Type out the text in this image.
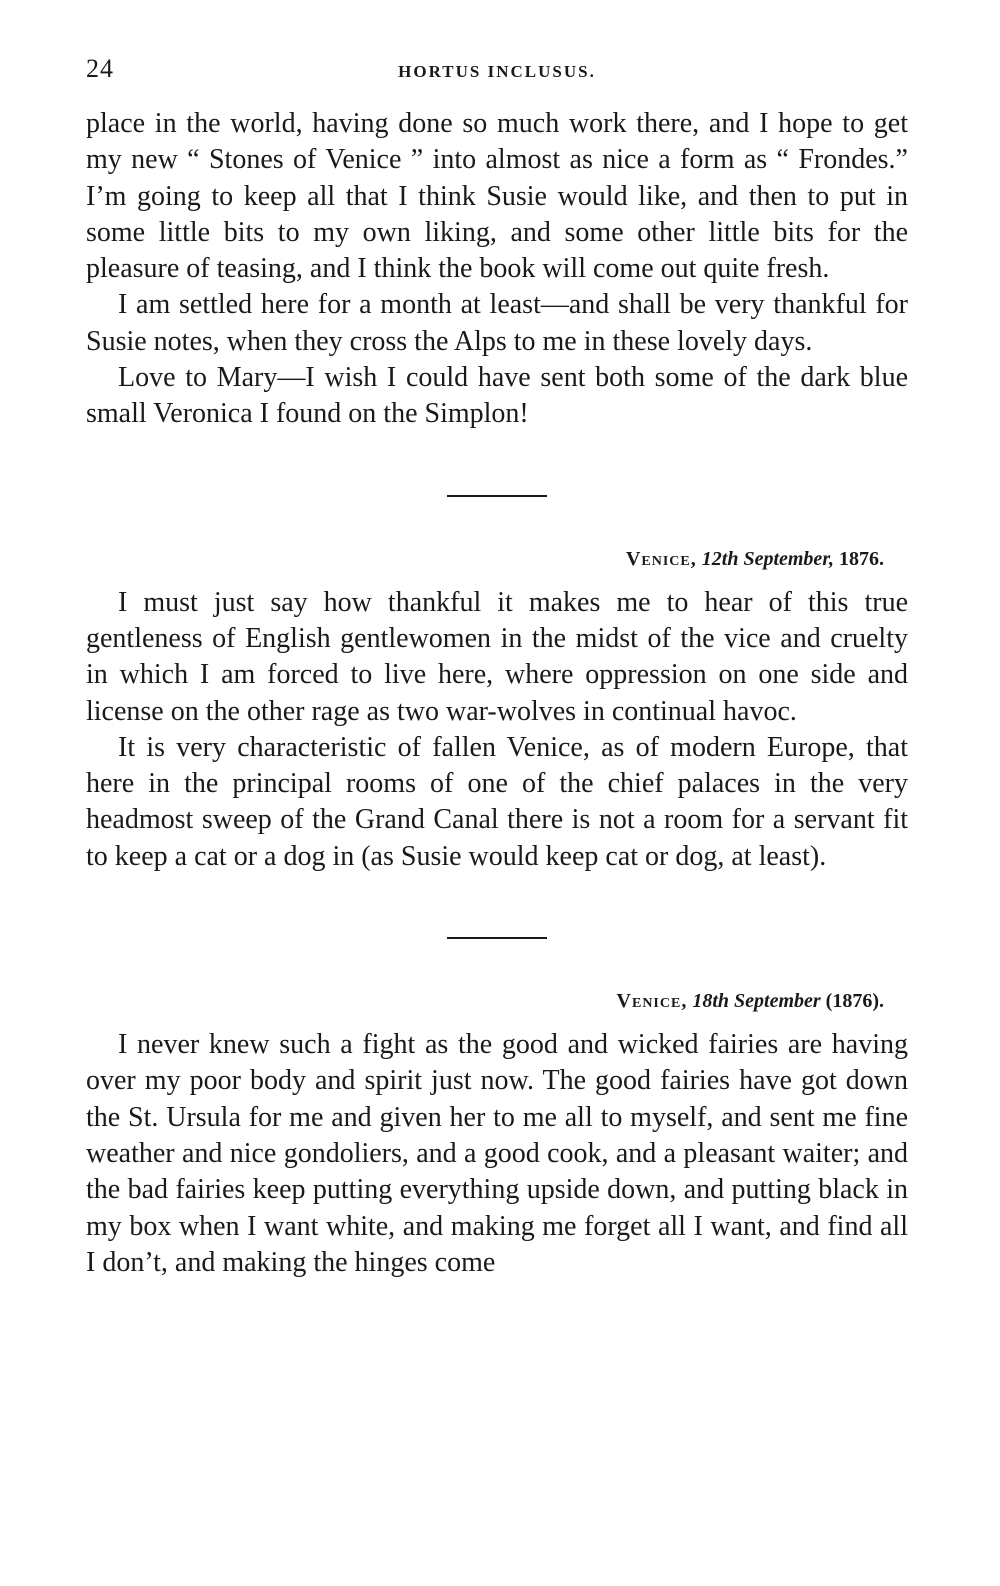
24	HORTUS INCLUSUS.

place in the world, having done so much work there, and I hope to get my new “ Stones of Venice ” into almost as nice a form as “ Frondes.” I’m going to keep all that I think Susie would like, and then to put in some little bits to my own liking, and some other little bits for the pleasure of teasing, and I think the book will come out quite fresh.

I am settled here for a month at least—and shall be very thankful for Susie notes, when they cross the Alps to me in these lovely days.

Love to Mary—I wish I could have sent both some of the dark blue small Veronica I found on the Simplon!

Venice, 12th September, 1876.

I must just say how thankful it makes me to hear of this true gentleness of English gentlewomen in the midst of the vice and cruelty in which I am forced to live here, where oppression on one side and license on the other rage as two war-wolves in continual havoc.

It is very characteristic of fallen Venice, as of modern Europe, that here in the principal rooms of one of the chief palaces in the very headmost sweep of the Grand Canal there is not a room for a servant fit to keep a cat or a dog in (as Susie would keep cat or dog, at least).

Venice, 18th September (1876).

I never knew such a fight as the good and wicked fairies are having over my poor body and spirit just now. The good fairies have got down the St. Ursula for me and given her to me all to myself, and sent me fine weather and nice gondoliers, and a good cook, and a pleasant waiter; and the bad fairies keep putting everything upside down, and putting black in my box when I want white, and making me forget all I want, and find all I don’t, and making the hinges come
